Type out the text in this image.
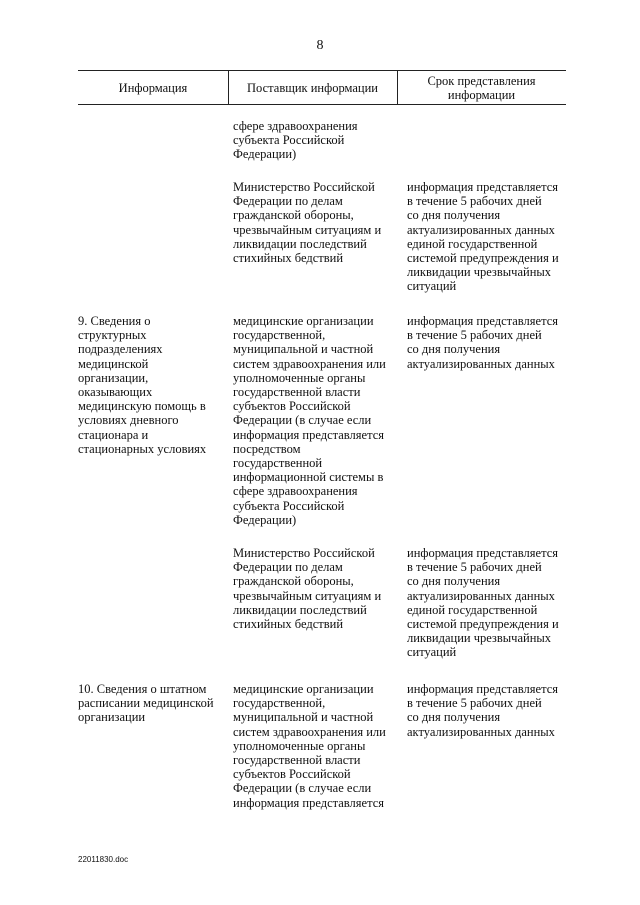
8
Информация	Поставщик информации	Срок представления
информации
сфере здравоохранения
субъекта Российской
Федерации)
Министерство Российской
Федерации по делам
гражданской обороны,
чрезвычайным ситуациям и
ликвидации последствий
стихийных бедствий
информация представляется
в течение 5 рабочих дней
со дня получения
актуализированных данных
единой государственной
системой предупреждения и
ликвидации чрезвычайных
ситуаций
9. Сведения о
структурных
подразделениях
медицинской
организации,
оказывающих
медицинскую помощь в
условиях дневного
стационара и
стационарных условиях
медицинские организации
государственной,
муниципальной и частной
систем здравоохранения или
уполномоченные органы
государственной власти
субъектов Российской
Федерации (в случае если
информация представляется
посредством
государственной
информационной системы в
сфере здравоохранения
субъекта Российской
Федерации)
информация представляется
в течение 5 рабочих дней
со дня получения
актуализированных данных
Министерство Российской
Федерации по делам
гражданской обороны,
чрезвычайным ситуациям и
ликвидации последствий
стихийных бедствий
информация представляется
в течение 5 рабочих дней
со дня получения
актуализированных данных
единой государственной
системой предупреждения и
ликвидации чрезвычайных
ситуаций
10. Сведения о штатном
расписании медицинской
организации
медицинские организации
государственной,
муниципальной и частной
систем здравоохранения или
уполномоченные органы
государственной власти
субъектов Российской
Федерации (в случае если
информация представляется
информация представляется
в течение 5 рабочих дней
со дня получения
актуализированных данных
22011830.doc
